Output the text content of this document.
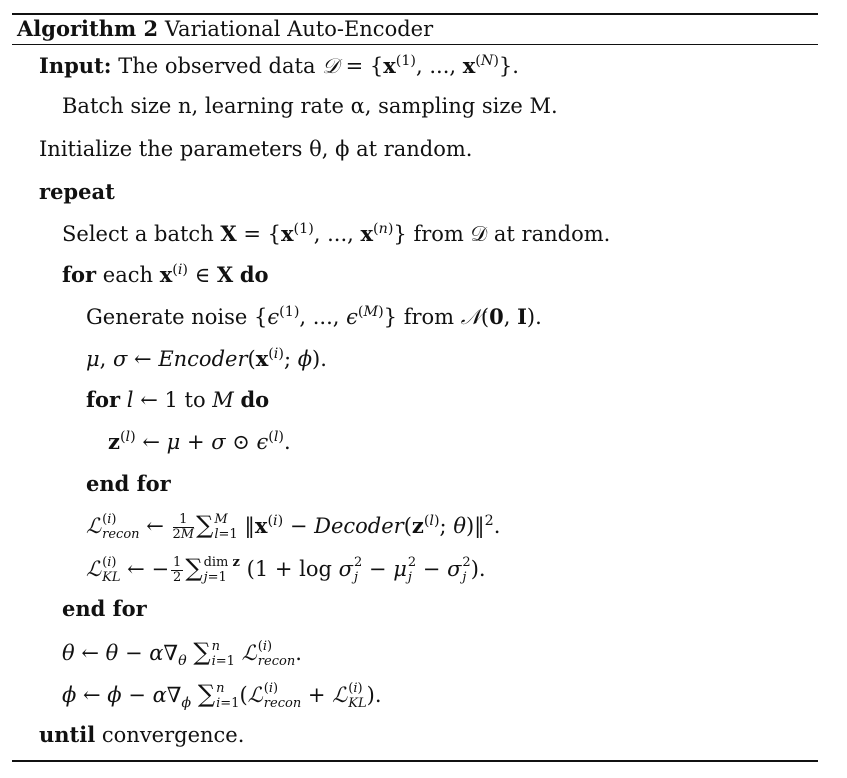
Algorithm 2 Variational Auto-Encoder
Input: The observed data 𝒟 = {$x^{(1)}$, ..., $x^{(N)}$}.
Batch size n, learning rate α, sampling size M.
Initialize the parameters θ, ϕ at random.
repeat
Select a batch $X = \{x^{(1)}$, ..., $x^{(n)}$} from 𝒟 at random.
for each $x^{(i)}$ ∈ X do
Generate noise {$\epsilon^{(1)}$, ..., $\epsilon^{(M)}$} from 𝒩(0, I).
μ, σ ← $Encoder(x^{(i)}$; ϕ).
for l ← 1 to M do
$z^{(l)}$ ← μ + σ ⊙ $\epsilon^{(l)}$.
end for
ℒ (i)
recon ← $\frac{1}{2M}$ ∑ M
l=1 $‖x^{(i)}$ − $Decoder(z^{(l)}$; θ)‖$^2$.
ℒ (i)
KL ← − $\frac{1}{2}$ ∑ dim z
j=1 (1 + log σ 2
j − μ 2
j − σ 2
j ).
end for
θ ← $\theta - \alpha\nabla_\theta$ ∑ n
i=1 ℒ (i)
recon .
ϕ ← $\phi - \alpha\nabla_\phi$ ∑ n
i=1 (ℒ (i)
recon + ℒ (i)
KL ).
until convergence.
